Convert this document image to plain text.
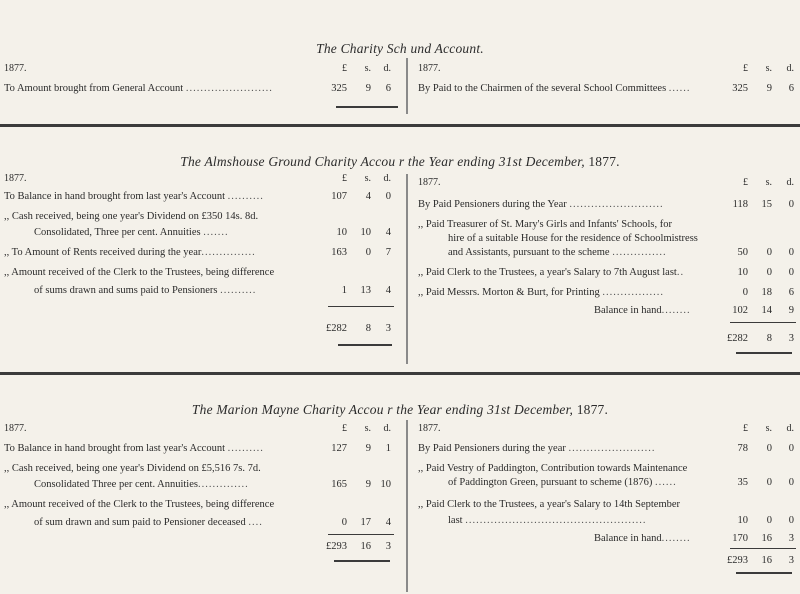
The Charity Sch und Account.
1877.	£	s.	d.
To Amount brought from General Account ........................	325	9	6
1877.	£	s.	d.
By Paid to the Chairmen of the several School Committees ......	325	9	6
The Almshouse Ground Charity Accou r the Year ending 31st December, 1877.
1877.	£	s.	d.
To Balance in hand brought from last year's Account ..........	107	4	0
,, Cash received, being one year's Dividend on £350 14s. 8d.
Consolidated, Three per cent. Annuities .......	10	10	4
,, To Amount of Rents received during the year...............	163	0	7
,, Amount received of the Clerk to the Trustees, being difference
of sums drawn and sums paid to Pensioners ..........	1	13	4
£282	8	3
1877.	£	s.	d.
By Paid Pensioners during the Year ..........................	118	15	0
,, Paid Treasurer of St. Mary's Girls and Infants' Schools, for
hire of a suitable House for the residence of Schoolmistress
and Assistants, pursuant to the scheme ...............	50	0	0
,, Paid Clerk to the Trustees, a year's Salary to 7th August last..	10	0	0
,, Paid Messrs. Morton & Burt, for Printing .................	0	18	6
Balance in hand........	102	14	9
£282	8	3
The Marion Mayne Charity Accou r the Year ending 31st December, 1877.
1877.	£	s.	d.
To Balance in hand brought from last year's Account ..........	127	9	1
,, Cash received, being one year's Dividend on £5,516 7s. 7d.
Consolidated Three per cent. Annuities..............	165	9 10
,, Amount received of the Clerk to the Trustees, being difference
of sum drawn and sum paid to Pensioner deceased ....	0	17	4
£293	16	3
1877.	£	s.	d.
By Paid Pensioners during the year ........................	78	0	0
,, Paid Vestry of Paddington, Contribution towards Maintenance
of Paddington Green, pursuant to scheme (1876) ......	35	0	0
,, Paid Clerk to the Trustees, a year's Salary to 14th September
last ..................................................	10	0	0
Balance in hand........	170	16	3
£293	16	3
